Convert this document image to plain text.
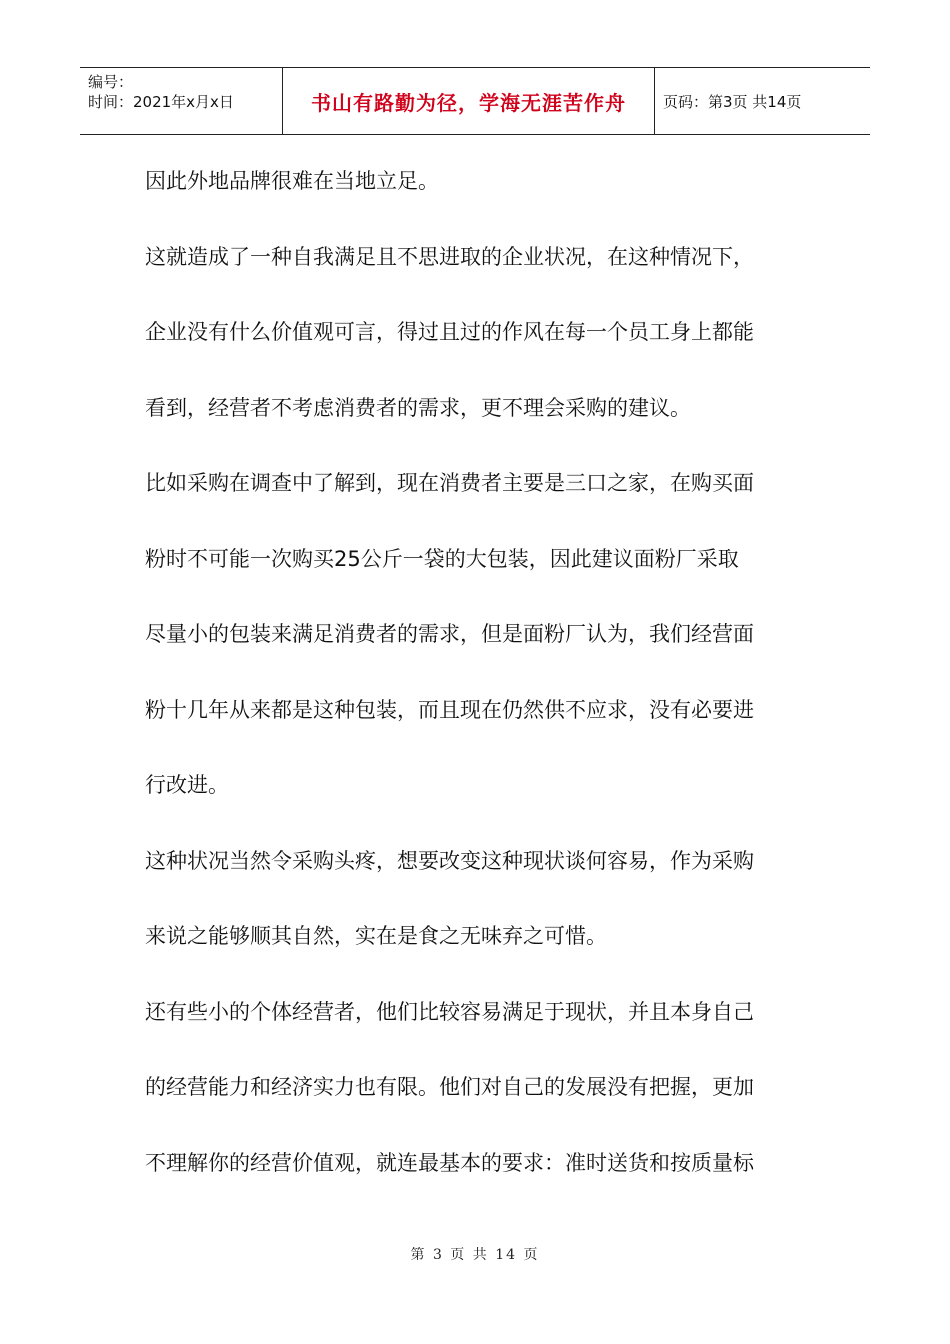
编号：
时间：2021年x月x日	书山有路勤为径，学海无涯苦作舟	页码：第3页 共14页
因此外地品牌很难在当地立足。
这就造成了一种自我满足且不思进取的企业状况，在这种情况下，
企业没有什么价值观可言，得过且过的作风在每一个员工身上都能
看到，经营者不考虑消费者的需求，更不理会采购的建议。
比如采购在调查中了解到，现在消费者主要是三口之家，在购买面
粉时不可能一次购买25公斤一袋的大包装，因此建议面粉厂采取
尽量小的包装来满足消费者的需求，但是面粉厂认为，我们经营面
粉十几年从来都是这种包装，而且现在仍然供不应求，没有必要进
行改进。
这种状况当然令采购头疼，想要改变这种现状谈何容易，作为采购
来说之能够顺其自然，实在是食之无味弃之可惜。
还有些小的个体经营者，他们比较容易满足于现状，并且本身自己
的经营能力和经济实力也有限。他们对自己的发展没有把握，更加
不理解你的经营价值观，就连最基本的要求：准时送货和按质量标
第 3 页 共 14 页
